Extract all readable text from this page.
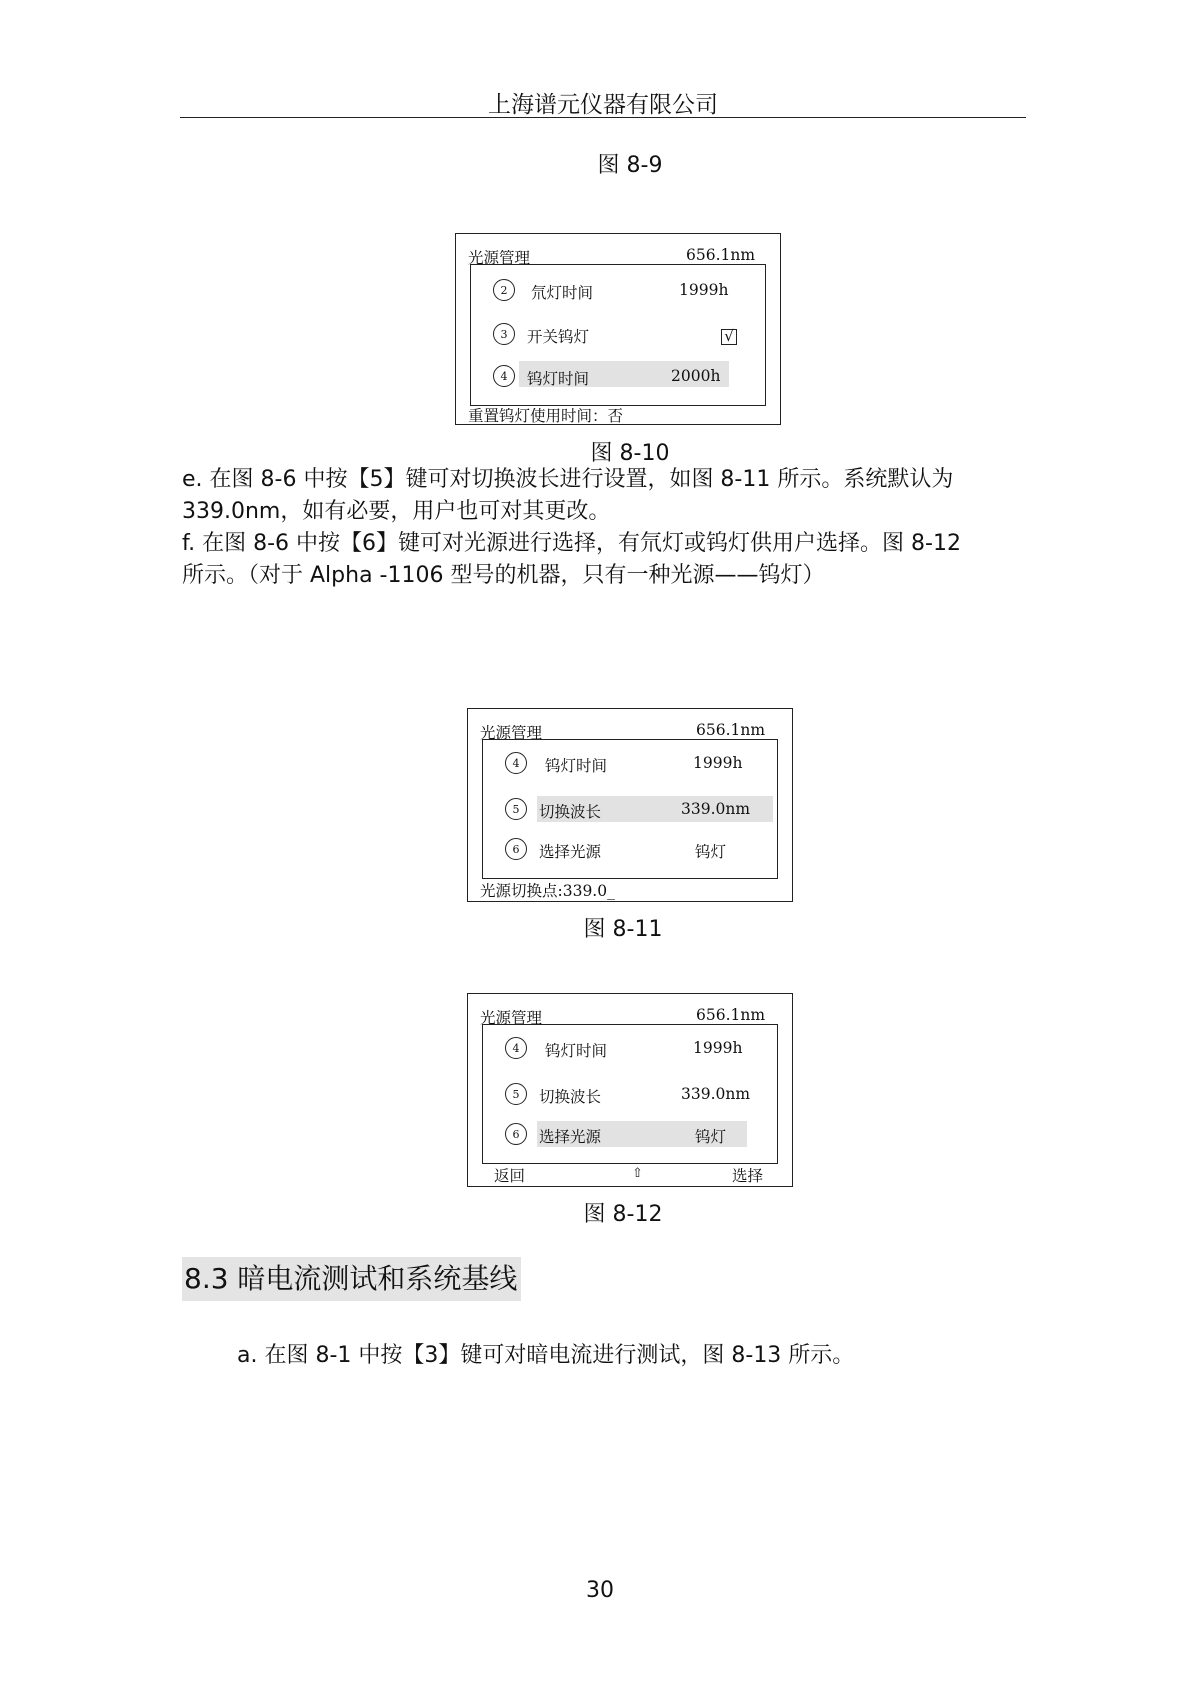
上海谱元仪器有限公司
图 8-9
光源管理	656.1nm
2	氘灯时间	1999h
3	开关钨灯	√
4	钨灯时间	2000h
重置钨灯使用时间：否
图 8-10

e. 在图 8-6 中按【5】键可对切换波长进行设置，如图 8-11 所示。系统默认为

339.0nm，如有必要，用户也可对其更改。

f. 在图 8-6 中按【6】键可对光源进行选择，有氘灯或钨灯供用户选择。图 8-12

所示。（对于 Alpha -1106 型号的机器，只有一种光源——钨灯）

光源管理	656.1nm
4	钨灯时间	1999h
5	切换波长	339.0nm
6	选择光源	钨灯
光源切换点:339.0_
图 8-11
光源管理	656.1nm
4	钨灯时间	1999h
5	切换波长	339.0nm
6	选择光源	钨灯
返回	⇧	选择
图 8-12
8.3 暗电流测试和系统基线

a. 在图 8-1 中按【3】键可对暗电流进行测试，图 8-13 所示。

30
